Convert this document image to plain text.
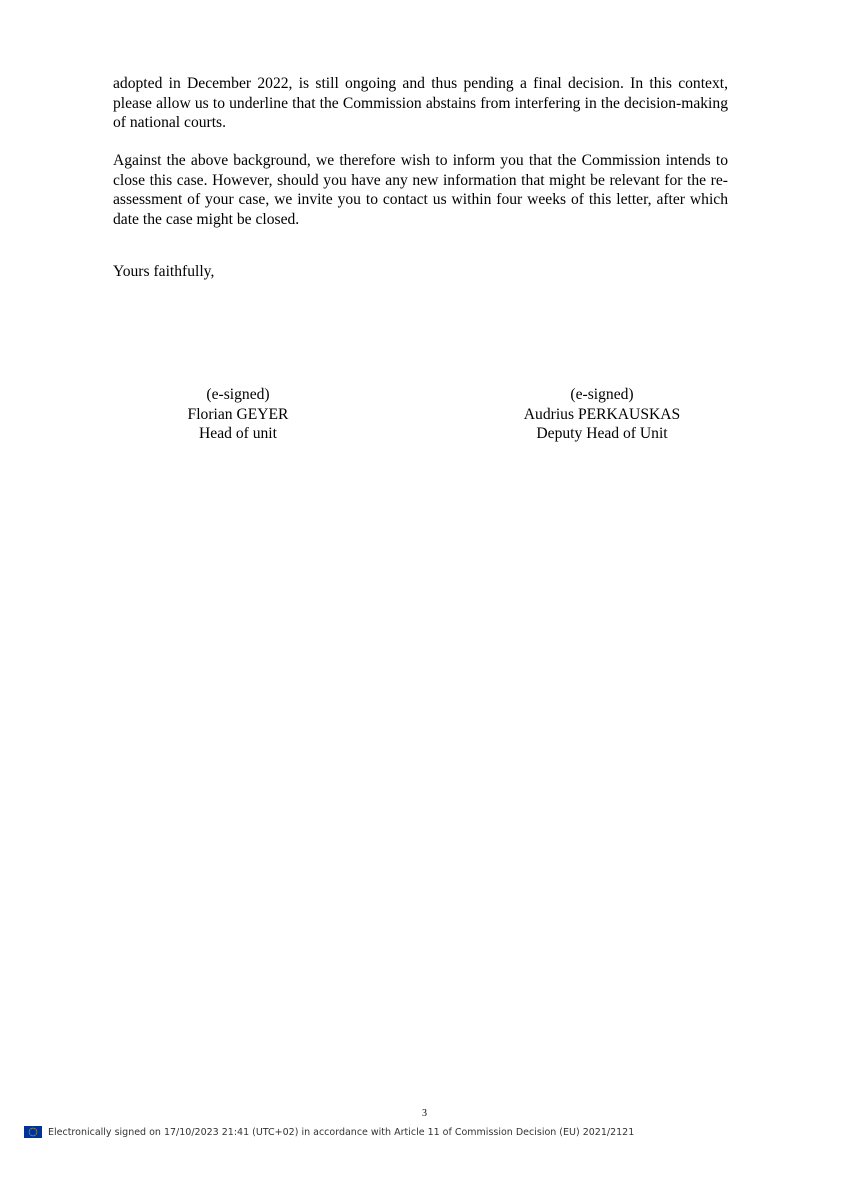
adopted in December 2022, is still ongoing and thus pending a final decision. In this context, please allow us to underline that the Commission abstains from interfering in the decision-making of national courts.

Against the above background, we therefore wish to inform you that the Commission intends to close this case. However, should you have any new information that might be relevant for the re-assessment of your case, we invite you to contact us within four weeks of this letter, after which date the case might be closed.

Yours faithfully,

(e-signed)
Florian GEYER
Head of unit
(e-signed)
Audrius PERKAUSKAS
Deputy Head of Unit
3
Electronically signed on 17/10/2023 21:41 (UTC+02) in accordance with Article 11 of Commission Decision (EU) 2021/2121
